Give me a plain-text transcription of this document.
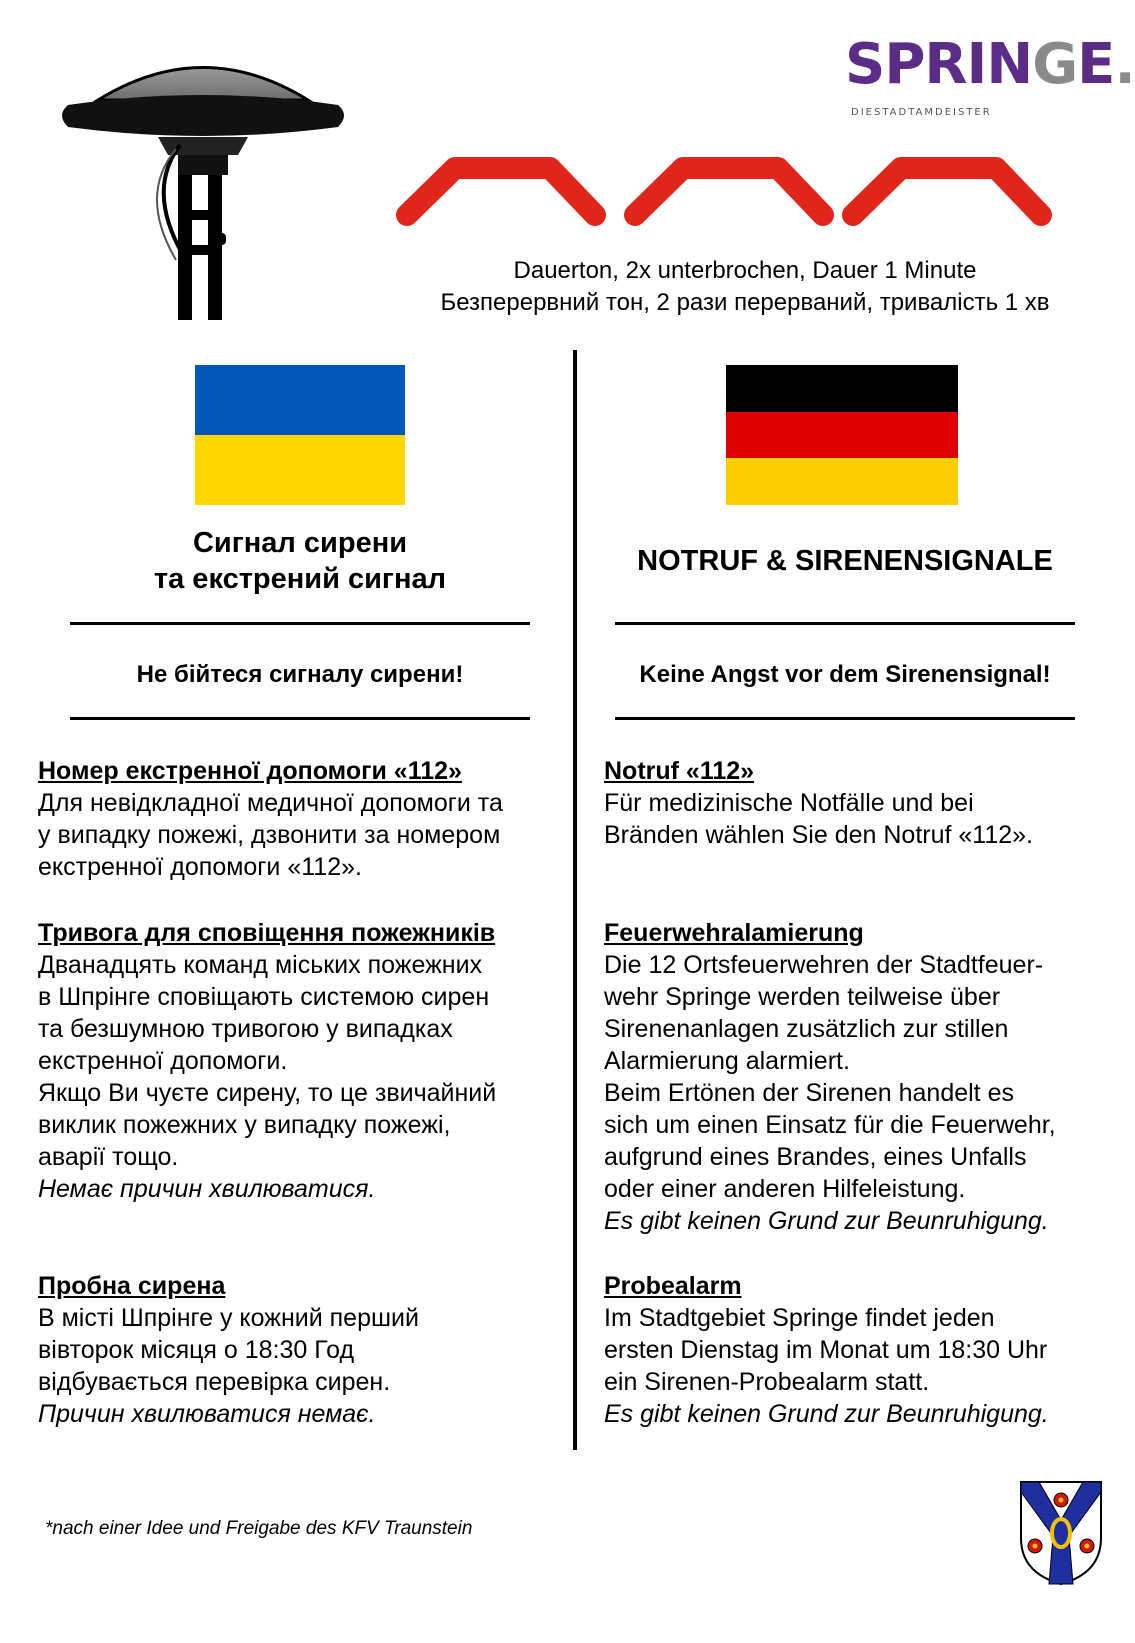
SPRINGE.
DIESTADTAMDEISTER
Dauerton, 2x unterbrochen, Dauer 1 Minute
Безперервний тон, 2 рази перерваний, тривалість 1 хв
Сигнал сирени
та екстрений сигнал
Не бійтеся сигналу сирени!
Номер екстренної допомоги «112»

Для невідкладної медичної допомоги та

у випадку пожежі, дзвонити за номером

екстренної допомоги «112».

Тривога для сповіщення пожежників

Дванадцять команд міських пожежних

в Шпрінге сповіщають системою сирен

та безшумною тривогою у випадках

екстренної допомоги.

Якщо Ви чуєте сирену, то це звичайний

виклик пожежних у випадку пожежі,

аварії тощо.

Немає причин хвилюватися.

Пробна сирена

В місті Шпрінге у кожний перший

вівторок місяця о 18:30 Год

відбувається перевірка сирен.

Причин хвилюватися немає.

NOTRUF & SIRENENSIGNALE
Keine Angst vor dem Sirenensignal!
Notruf «112»

Für medizinische Notfälle und bei

Bränden wählen Sie den Notruf «112».

Feuerwehralamierung

Die 12 Ortsfeuerwehren der Stadtfeuer-

wehr Springe werden teilweise über

Sirenenanlagen zusätzlich zur stillen

Alarmierung alarmiert.

Beim Ertönen der Sirenen handelt es

sich um einen Einsatz für die Feuerwehr,

aufgrund eines Brandes, eines Unfalls

oder einer anderen Hilfeleistung.

Es gibt keinen Grund zur Beunruhigung.

Probealarm

Im Stadtgebiet Springe findet jeden

ersten Dienstag im Monat um 18:30 Uhr

ein Sirenen-Probealarm statt.

Es gibt keinen Grund zur Beunruhigung.

*nach einer Idee und Freigabe des KFV Traunstein
